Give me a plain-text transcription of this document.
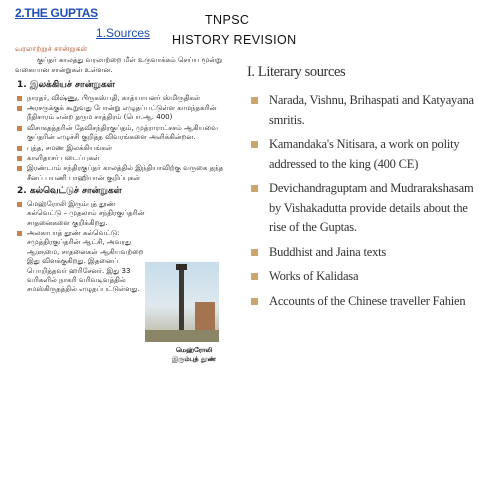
2.THE GUPTAS
1.Sources
TNPSC
HISTORY REVISION
வரலாற்றுச் சான்றுகள்

குப்தர் காலத்து வரலாற்றை மீள் உருவாக்கம் செய்ய மூன்று வகையான சான்றுகள் உள்ளன.

1. இலக்கியச் சான்றுகள்
நாரதர், விஷ்ணு, பிருகஸ்பதி, காத்யாயனர் ஸ்மிருதிகள்
அரசருக்குக் கூறுவது போன்று எழுதப்பட்டுள்ள காமந்தகரின் நீதிசாரம் என்ற தரும சாத்திரம் (பொ.ஆ. 400)
விசாகதத்தரின் தேவிசந்திரகுப்தம், முத்ராராட்சசம் ஆகியவை குப்தரின் எழுச்சி குறித்த விவரங்களை அளிக்கின்றன.
புத்த, சமண இலக்கியங்கள்
காளிதாசர் படைப்புகள்
இரண்டாம் சந்திரகுப்தர் காலத்தில் இந்தியாவிற்கு வருகை தந்த சீனப் பயணி பாஹியான் குறிப்புகள்
2. கல்வெட்டுச் சான்றுகள்
மெஹ்ரோலி இரும்புத் தூண் கல்வெட்டு – முதலாம் சந்திரகுப்தரின் சாதனைகளை குறிக்கிறது.
அலகாபாத் தூண் கல்வெட்டு: சமுத்திரகுப்தரின் ஆட்சி, அவரது ஆளுமை, சாதனைகள் ஆகியவற்றை இது விளக்குகிறது. இதனைப் பொறித்தவர் ஹரிசேனர். இது 33 வரிகளில் நாகரி வரிவடிவத்தில் சமஸ்கிருதத்தில் எழுதப்பட்டுள்ளது.
மெஹ்ரோலி
இரும்புத் தூண்
I. Literary sources
Narada, Vishnu, Brihaspati and Katyayana smritis.
Kamandaka's Nitisara, a work on polity addressed to the king (400 CE)
Devichandraguptam and Mudrarakshasam by Vishakadutta provide details about the rise of the Guptas.
Buddhist and Jaina texts
Works of Kalidasa
Accounts of the Chinese traveller Fahien
